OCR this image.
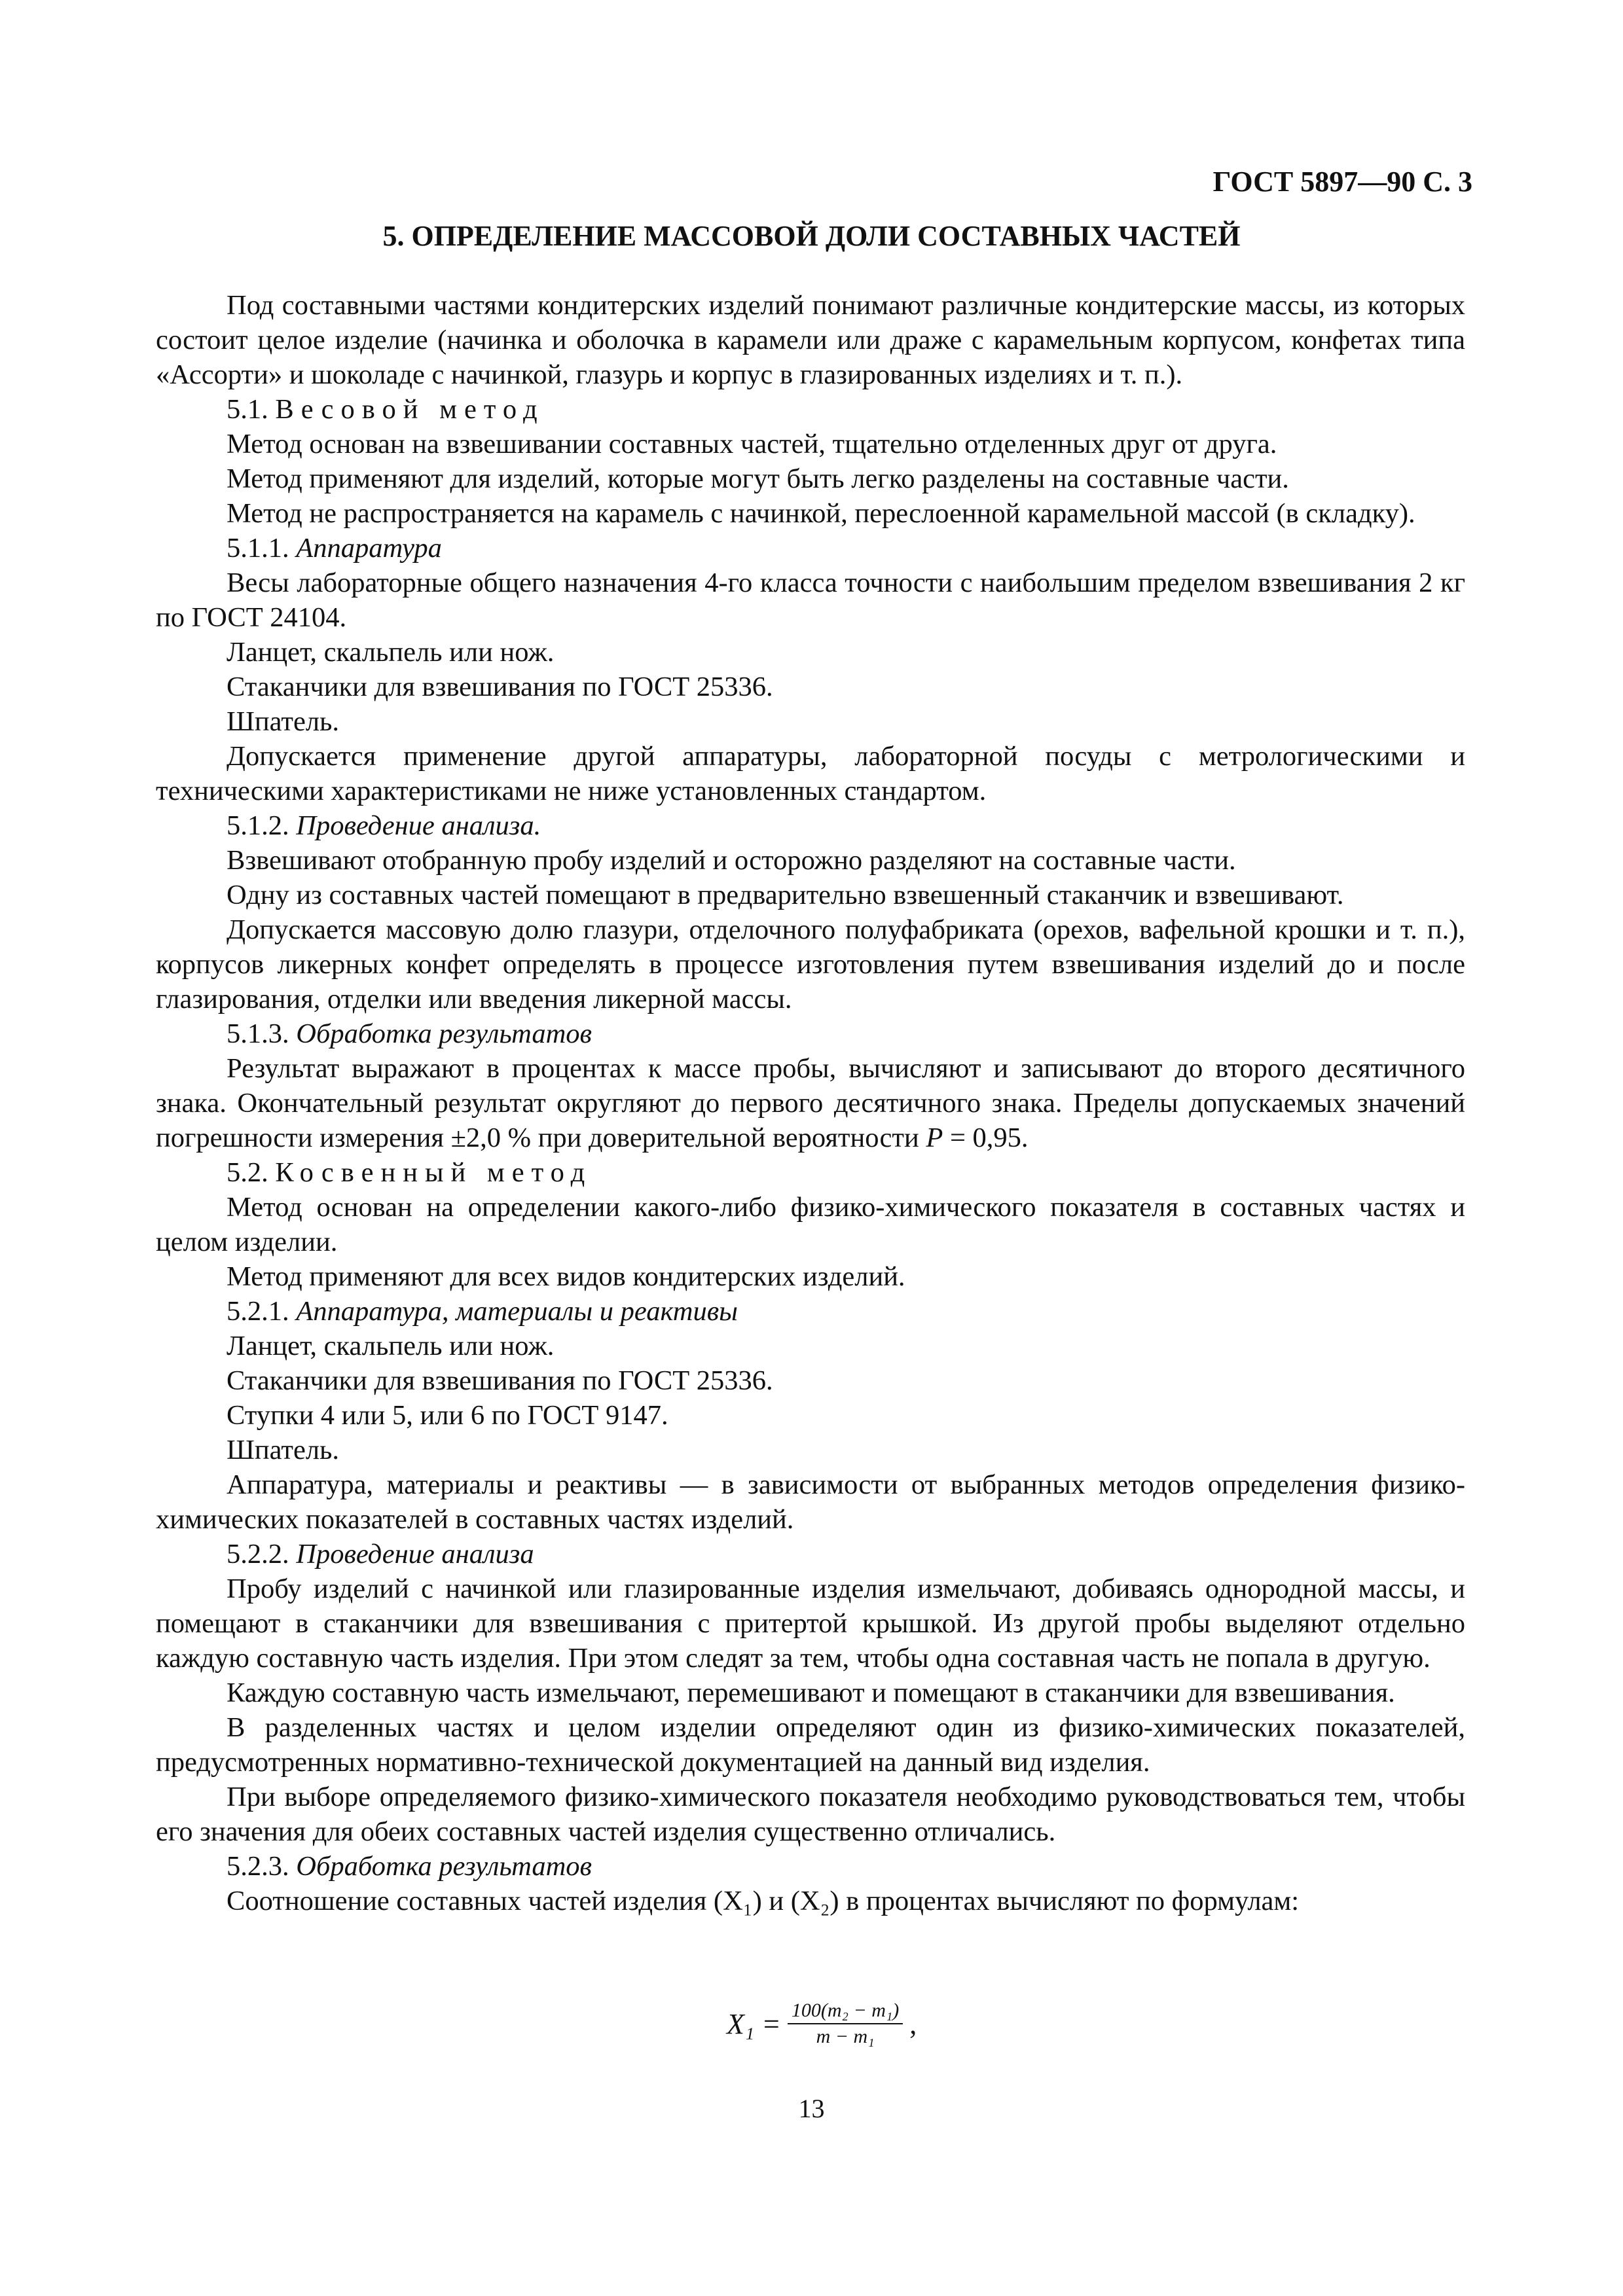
ГОСТ 5897—90 С. 3
5. ОПРЕДЕЛЕНИЕ МАССОВОЙ ДОЛИ СОСТАВНЫХ ЧАСТЕЙ

Под составными частями кондитерских изделий понимают различные кондитерские массы, из которых состоит целое изделие (начинка и оболочка в карамели или драже с карамельным корпусом, конфетах типа «Ассорти» и шоколаде с начинкой, глазурь и корпус в глазированных изделиях и т. п.).

5.1. Весовой метод

Метод основан на взвешивании составных частей, тщательно отделенных друг от друга.

Метод применяют для изделий, которые могут быть легко разделены на составные части.

Метод не распространяется на карамель с начинкой, переслоенной карамельной массой (в складку).

5.1.1. Аппаратура

Весы лабораторные общего назначения 4-го класса точности с наибольшим пределом взвешивания 2 кг по ГОСТ 24104.

Ланцет, скальпель или нож.

Стаканчики для взвешивания по ГОСТ 25336.

Шпатель.

Допускается применение другой аппаратуры, лабораторной посуды с метрологическими и техническими характеристиками не ниже установленных стандартом.

5.1.2. Проведение анализа.

Взвешивают отобранную пробу изделий и осторожно разделяют на составные части.

Одну из составных частей помещают в предварительно взвешенный стаканчик и взвешивают.

Допускается массовую долю глазури, отделочного полуфабриката (орехов, вафельной крошки и т. п.), корпусов ликерных конфет определять в процессе изготовления путем взвешивания изделий до и после глазирования, отделки или введения ликерной массы.

5.1.3. Обработка результатов

Результат выражают в процентах к массе пробы, вычисляют и записывают до второго десятичного знака. Окончательный результат округляют до первого десятичного знака. Пределы допускаемых значений погрешности измерения ±2,0 % при доверительной вероятности P = 0,95.

5.2. Косвенный метод

Метод основан на определении какого-либо физико-химического показателя в составных частях и целом изделии.

Метод применяют для всех видов кондитерских изделий.

5.2.1. Аппаратура, материалы и реактивы

Ланцет, скальпель или нож.

Стаканчики для взвешивания по ГОСТ 25336.

Ступки 4 или 5, или 6 по ГОСТ 9147.

Шпатель.

Аппаратура, материалы и реактивы — в зависимости от выбранных методов определения физико-химических показателей в составных частях изделий.

5.2.2. Проведение анализа

Пробу изделий с начинкой или глазированные изделия измельчают, добиваясь однородной массы, и помещают в стаканчики для взвешивания с притертой крышкой. Из другой пробы выделяют отдельно каждую составную часть изделия. При этом следят за тем, чтобы одна составная часть не попала в другую.

Каждую составную часть измельчают, перемешивают и помещают в стаканчики для взвешивания.

В разделенных частях и целом изделии определяют один из физико-химических показателей, предусмотренных нормативно-технической документацией на данный вид изделия.

При выборе определяемого физико-химического показателя необходимо руководствоваться тем, чтобы его значения для обеих составных частей изделия существенно отличались.

5.2.3. Обработка результатов

Соотношение составных частей изделия (X₁) и (X₂) в процентах вычисляют по формулам:

$X_1 = \frac{\text{100(m₂ − m₁)}}{\text{m − m₁}}$ ,
13
